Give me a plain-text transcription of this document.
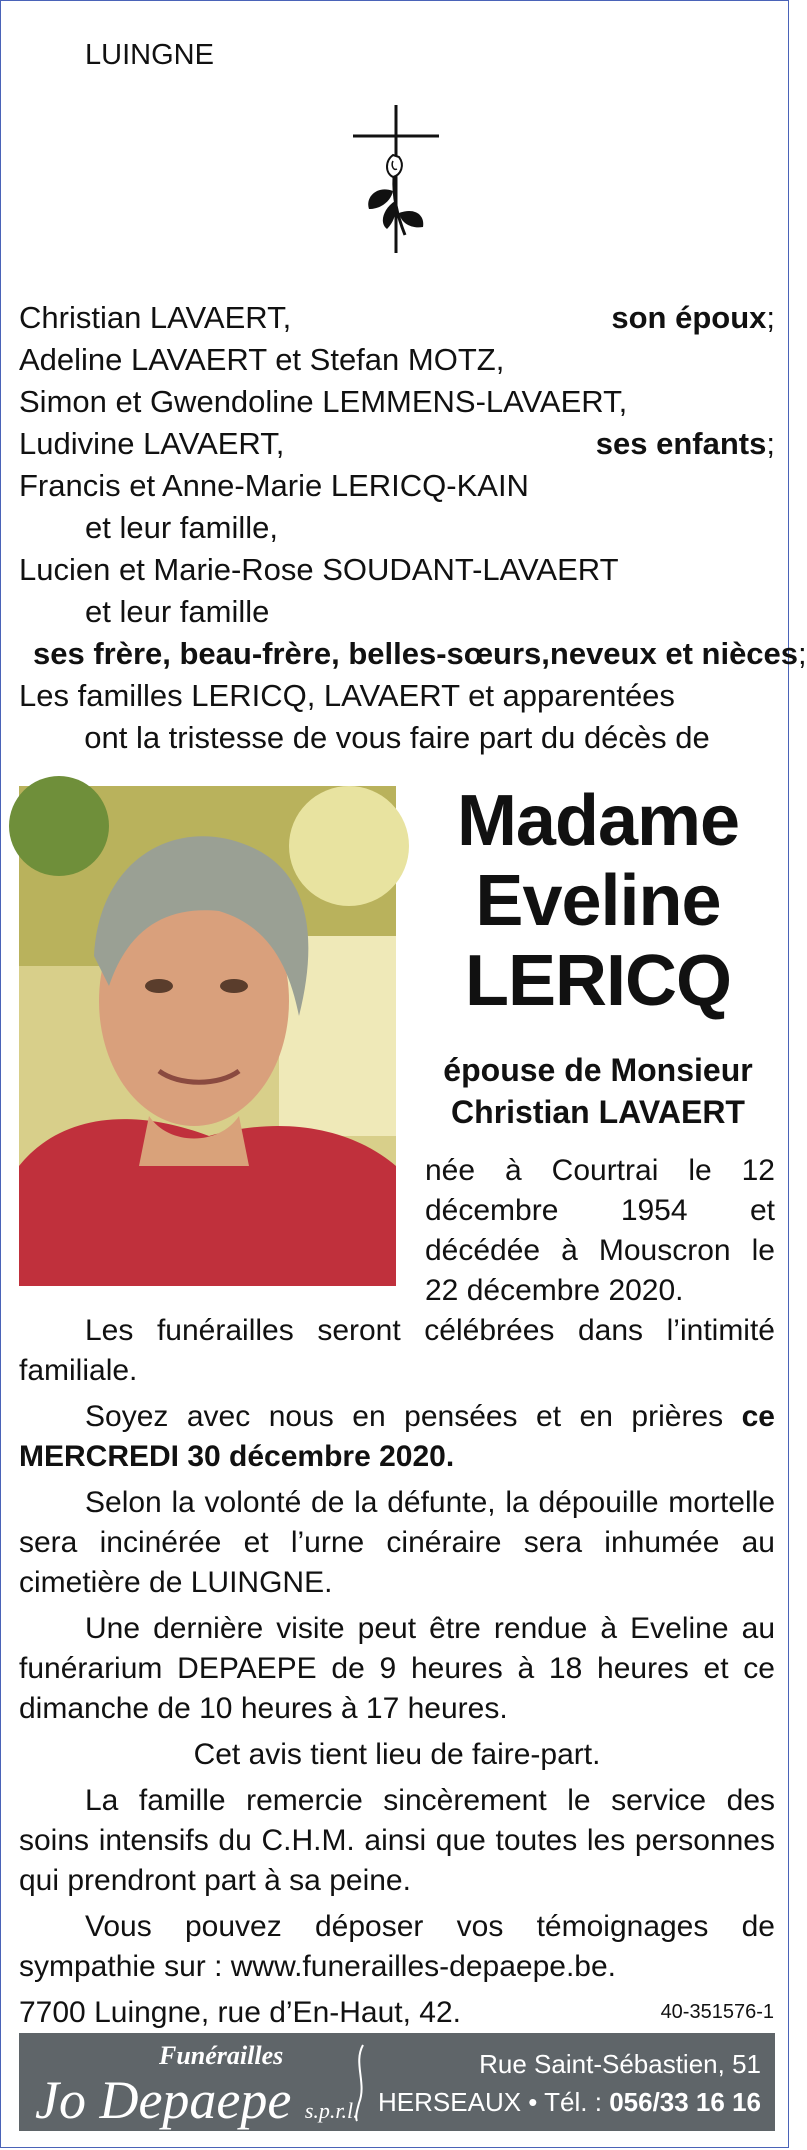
LUINGNE
Christian LAVAERT,	son époux;
Adeline LAVAERT et Stefan MOTZ,
Simon et Gwendoline LEMMENS-LAVAERT,
Ludivine LAVAERT,	ses enfants;
Francis et Anne-Marie LERICQ-KAIN
et leur famille,
Lucien et Marie-Rose SOUDANT-LAVAERT
et leur famille
ses frère, beau-frère, belles-sœurs, neveux et nièces;
Les familles LERICQ, LAVAERT et apparentées
ont la tristesse de vous faire part du décès de
Madame
Eveline
LERICQ
épouse de Monsieur
Christian LAVAERT
née à Courtrai le 12 décembre 1954 et décédée à Mouscron le 22 décembre 2020.

Les funérailles seront célébrées dans l’intimité familiale.

Soyez avec nous en pensées et en prières ce MERCREDI 30 décembre 2020.

Selon la volonté de la défunte, la dépouille mortelle sera incinérée et l’urne cinéraire sera inhumée au cimetière de LUINGNE.

Une dernière visite peut être rendue à Eveline au funérarium DEPAEPE de 9 heures à 18 heures et ce dimanche de 10 heures à 17 heures.

Cet avis tient lieu de faire-part.

La famille remercie sincèrement le service des soins intensifs du C.H.M. ainsi que toutes les personnes qui prendront part à sa peine.

Vous pouvez déposer vos témoignages de sympathie sur : www.funerailles-depaepe.be.

7700 Luingne, rue d’En-Haut, 42.	40-351576-1
Funérailles
Jo Depaepe s.p.r.l.
Rue Saint-Sébastien, 51
HERSEAUX • Tél. : 056/33 16 16
